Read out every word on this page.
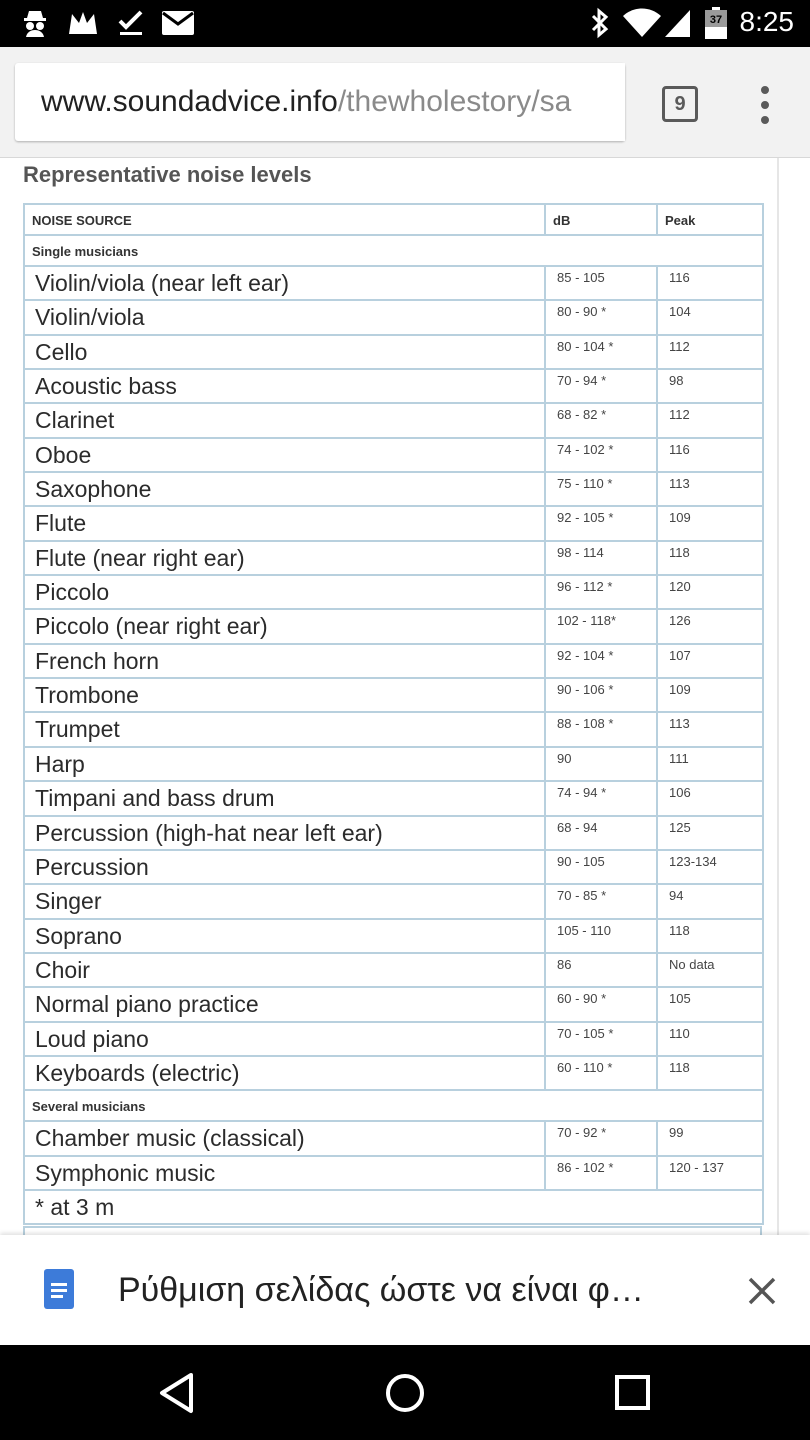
37 8:25
www.soundadvice.info/thewholestory/sa	9
Representative noise levels
NOISE SOURCE	dB	Peak
Single musicians		
Violin/viola (near left ear)	85 - 105	116
Violin/viola	80 - 90 *	104
Cello	80 - 104 *	112
Acoustic bass	70 - 94 *	98
Clarinet	68 - 82 *	112
Oboe	74 - 102 *	116
Saxophone	75 - 110 *	113
Flute	92 - 105 *	109
Flute (near right ear)	98 - 114	118
Piccolo	96 - 112 *	120
Piccolo (near right ear)	102 - 118*	126
French horn	92 - 104 *	107
Trombone	90 - 106 *	109
Trumpet	88 - 108 *	113
Harp	90	111
Timpani and bass drum	74 - 94 *	106
Percussion (high-hat near left ear)	68 - 94	125
Percussion	90 - 105	123-134
Singer	70 - 85 *	94
Soprano	105 - 110	118
Choir	86	No data
Normal piano practice	60 - 90 *	105
Loud piano	70 - 105 *	110
Keyboards (electric)	60 - 110 *	118
Several musicians		
Chamber music (classical)	70 - 92 *	99
Symphonic music	86 - 102 *	120 - 137
* at 3 m		
Ρύθμιση σελίδας ώστε να είναι φ…
